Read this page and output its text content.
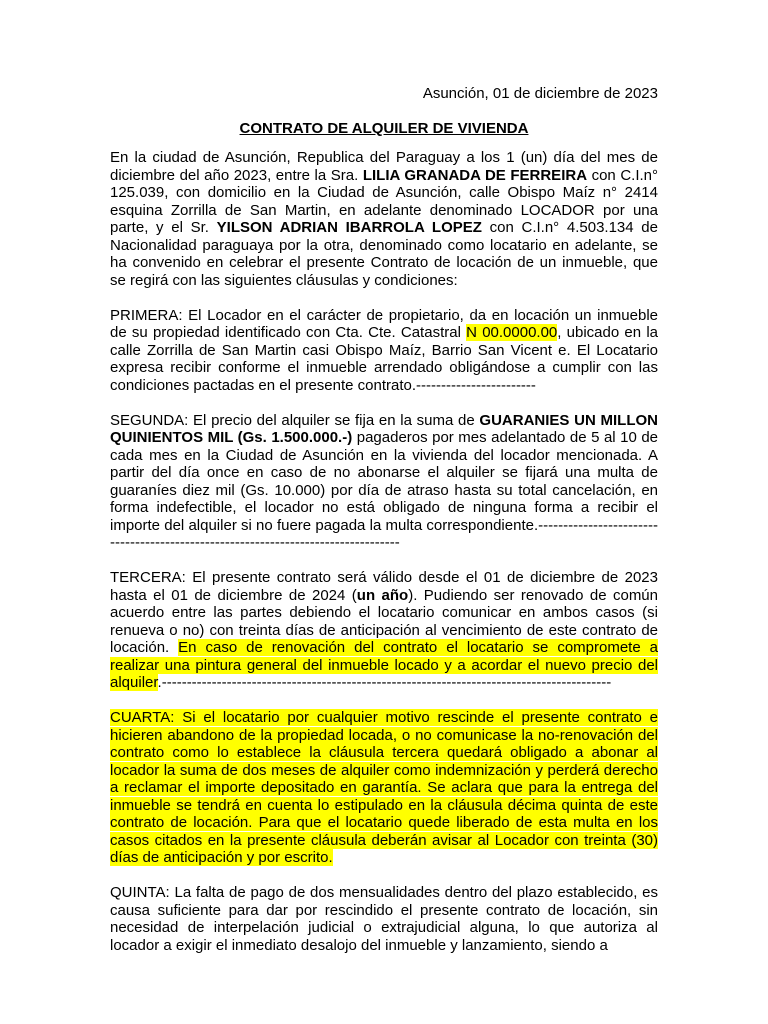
Asunción, 01 de diciembre de 2023
CONTRATO DE ALQUILER DE VIVIENDA

En la ciudad de Asunción, Republica del Paraguay a los 1 (un) día del mes de diciembre del año 2023, entre la Sra. LILIA GRANADA DE FERREIRA con C.I.n° 125.039, con domicilio en la Ciudad de Asunción, calle Obispo Maíz n° 2414 esquina Zorrilla de San Martin, en adelante denominado LOCADOR por una parte, y el Sr. YILSON ADRIAN IBARROLA LOPEZ con C.I.n° 4.503.134 de Nacionalidad paraguaya por la otra, denominado como locatario en adelante, se ha convenido en celebrar el presente Contrato de locación de un inmueble, que se regirá con las siguientes cláusulas y condiciones:

PRIMERA: El Locador en el carácter de propietario, da en locación un inmueble de su propiedad identificado con Cta. Cte. Catastral N 00.0000.00, ubicado en la calle Zorrilla de San Martin casi Obispo Maíz, Barrio San Vicent e. El Locatario expresa recibir conforme el inmueble arrendado obligándose a cumplir con las condiciones pactadas en el presente contrato.------------------------

SEGUNDA: El precio del alquiler se fija en la suma de GUARANIES UN MILLON QUINIENTOS MIL (Gs. 1.500.000.-) pagaderos por mes adelantado de 5 al 10 de cada mes en la Ciudad de Asunción en la vivienda del locador mencionada. A partir del día once en caso de no abonarse el alquiler se fijará una multa de guaraníes diez mil (Gs. 10.000) por día de atraso hasta su total cancelación, en forma indefectible, el locador no está obligado de ninguna forma a recibir el importe del alquiler si no fuere pagada la multa correspondiente.----------------------------------------------------------------------------------

TERCERA: El presente contrato será válido desde el 01 de diciembre de 2023 hasta el 01 de diciembre de 2024 (un año). Pudiendo ser renovado de común acuerdo entre las partes debiendo el locatario comunicar en ambos casos (si renueva o no) con treinta días de anticipación al vencimiento de este contrato de locación. En caso de renovación del contrato el locatario se compromete a realizar una pintura general del inmueble locado y a acordar el nuevo precio del alquiler.------------------------------------------------------------------------------------------

CUARTA: Si el locatario por cualquier motivo rescinde el presente contrato e hicieren abandono de la propiedad locada, o no comunicase la no-renovación del contrato como lo establece la cláusula tercera quedará obligado a abonar al locador la suma de dos meses de alquiler como indemnización y perderá derecho a reclamar el importe depositado en garantía. Se aclara que para la entrega del inmueble se tendrá en cuenta lo estipulado en la cláusula décima quinta de este contrato de locación. Para que el locatario quede liberado de esta multa en los casos citados en la presente cláusula deberán avisar al Locador con treinta (30) días de anticipación y por escrito.

QUINTA: La falta de pago de dos mensualidades dentro del plazo establecido, es causa suficiente para dar por rescindido el presente contrato de locación, sin necesidad de interpelación judicial o extrajudicial alguna, lo que autoriza al locador a exigir el inmediato desalojo del inmueble y lanzamiento, siendo a
